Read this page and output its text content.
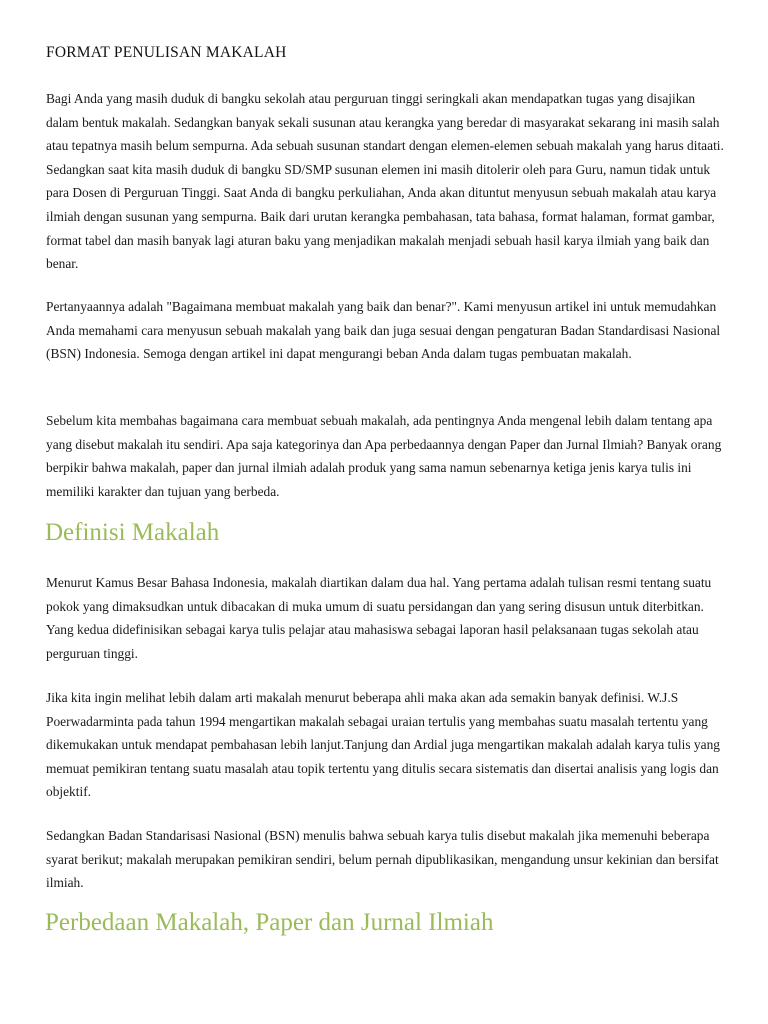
FORMAT PENULISAN MAKALAH

Bagi Anda yang masih duduk di bangku sekolah atau perguruan tinggi seringkali akan mendapatkan tugas yang disajikan dalam bentuk makalah. Sedangkan banyak sekali susunan atau kerangka yang beredar di masyarakat sekarang ini masih salah atau tepatnya masih belum sempurna. Ada sebuah susunan standart dengan elemen-elemen sebuah makalah yang harus ditaati. Sedangkan saat kita masih duduk di bangku SD/SMP susunan elemen ini masih ditolerir oleh para Guru, namun tidak untuk para Dosen di Perguruan Tinggi. Saat Anda di bangku perkuliahan, Anda akan dituntut menyusun sebuah makalah atau karya ilmiah dengan susunan yang sempurna. Baik dari urutan kerangka pembahasan, tata bahasa, format halaman, format gambar, format tabel dan masih banyak lagi aturan baku yang menjadikan makalah menjadi sebuah hasil karya ilmiah yang baik dan benar.

Pertanyaannya adalah "Bagaimana membuat makalah yang baik dan benar?". Kami menyusun artikel ini untuk memudahkan Anda memahami cara menyusun sebuah makalah yang baik dan juga sesuai dengan pengaturan Badan Standardisasi Nasional (BSN) Indonesia. Semoga dengan artikel ini dapat mengurangi beban Anda dalam tugas pembuatan makalah.

Sebelum kita membahas bagaimana cara membuat sebuah makalah, ada pentingnya Anda mengenal lebih dalam tentang apa yang disebut makalah itu sendiri. Apa saja kategorinya dan Apa perbedaannya dengan Paper dan Jurnal Ilmiah? Banyak orang berpikir bahwa makalah, paper dan jurnal ilmiah adalah produk yang sama namun sebenarnya ketiga jenis karya tulis ini memiliki karakter dan tujuan yang berbeda.

Definisi Makalah

Menurut Kamus Besar Bahasa Indonesia, makalah diartikan dalam dua hal. Yang pertama adalah tulisan resmi tentang suatu pokok yang dimaksudkan untuk dibacakan di muka umum di suatu persidangan dan yang sering disusun untuk diterbitkan. Yang kedua didefinisikan sebagai karya tulis pelajar atau mahasiswa sebagai laporan hasil pelaksanaan tugas sekolah atau perguruan tinggi.

Jika kita ingin melihat lebih dalam arti makalah menurut beberapa ahli maka akan ada semakin banyak definisi. W.J.S Poerwadarminta pada tahun 1994 mengartikan makalah sebagai uraian tertulis yang membahas suatu masalah tertentu yang dikemukakan untuk mendapat pembahasan lebih lanjut.Tanjung dan Ardial juga mengartikan makalah adalah karya tulis yang memuat pemikiran tentang suatu masalah atau topik tertentu yang ditulis secara sistematis dan disertai analisis yang logis dan objektif.

Sedangkan Badan Standarisasi Nasional (BSN) menulis bahwa sebuah karya tulis disebut makalah jika memenuhi beberapa syarat berikut; makalah merupakan pemikiran sendiri, belum pernah dipublikasikan, mengandung unsur kekinian dan bersifat ilmiah.

Perbedaan Makalah, Paper dan Jurnal Ilmiah
